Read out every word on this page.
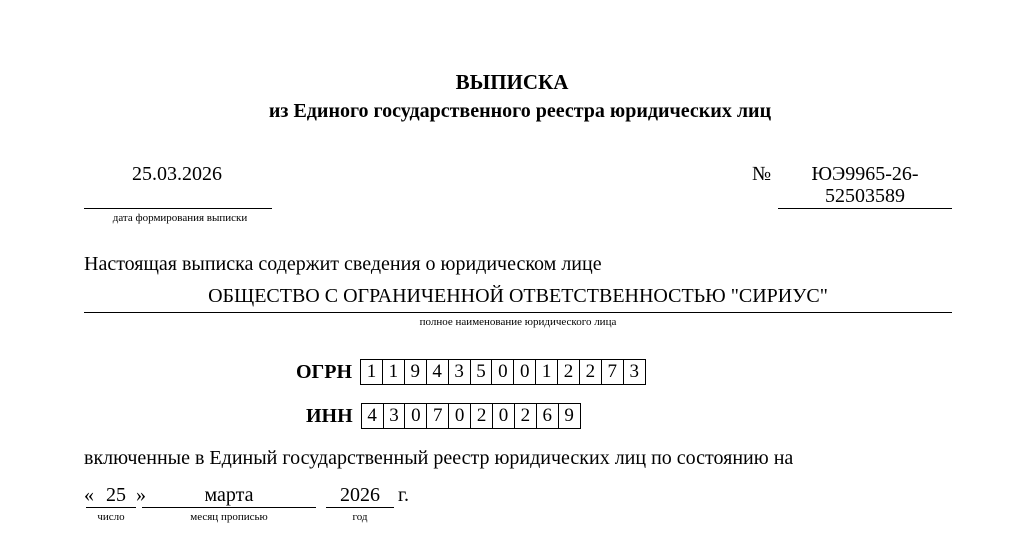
ВЫПИСКА
из Единого государственного реестра юридических лиц
25.03.2026
дата формирования выписки
№	ЮЭ9965-26-52503589
Настоящая выписка содержит сведения о юридическом лице
ОБЩЕСТВО С ОГРАНИЧЕННОЙ ОТВЕТСТВЕННОСТЬЮ "СИРИУС"
полное наименование юридического лица
ОГРН 1 1 9 4 3 5 0 0 1 2 2 7 3
ИНН 4 3 0 7 0 2 0 2 6 9
включенные в Единый государственный реестр юридических лиц по состоянию на
« 25 »	марта	2026 г.
число	месяц прописью	год
